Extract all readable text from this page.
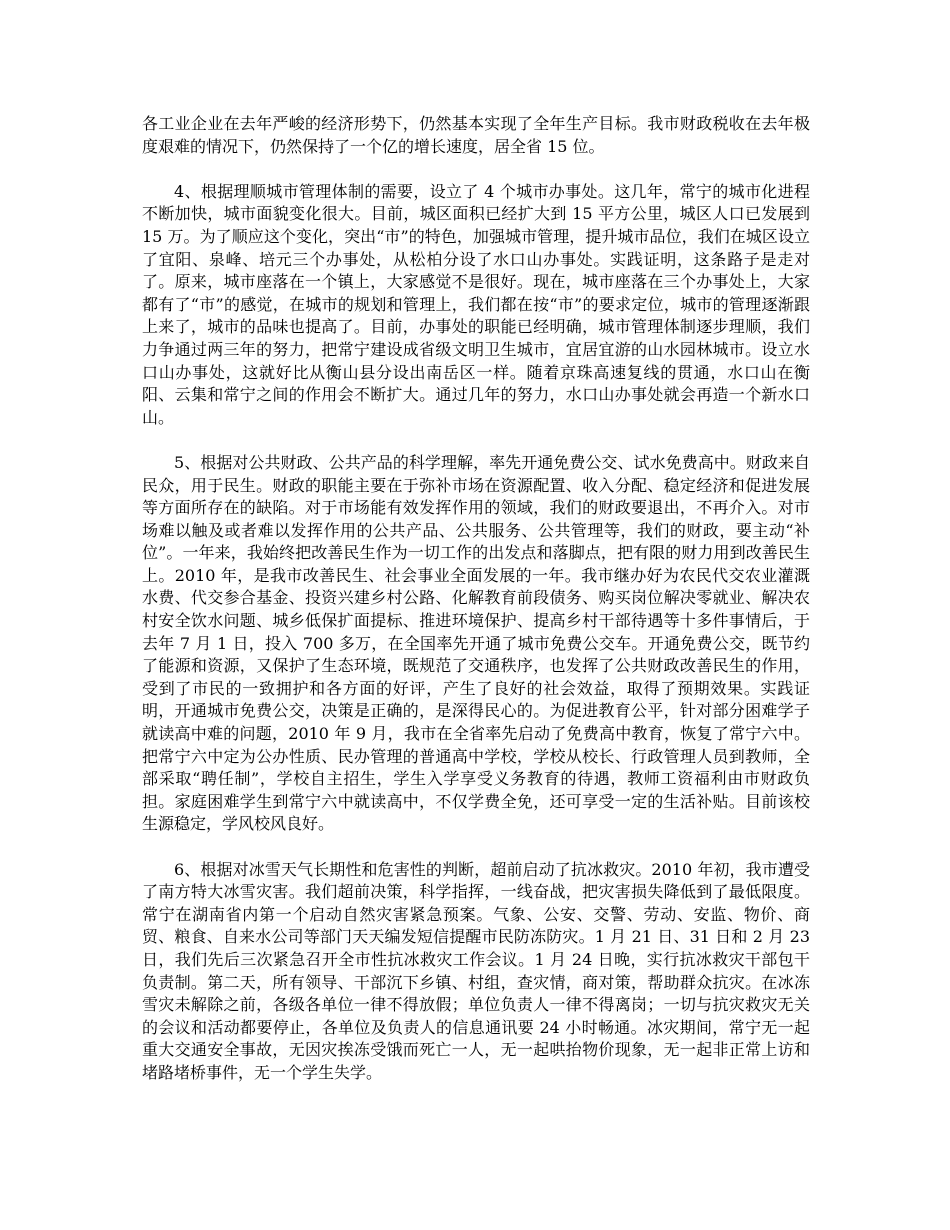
各工业企业在去年严峻的经济形势下，仍然基本实现了全年生产目标。我市财政税收在去年极度艰难的情况下，仍然保持了一个亿的增长速度，居全省 15 位。

4、根据理顺城市管理体制的需要，设立了 4 个城市办事处。这几年，常宁的城市化进程不断加快，城市面貌变化很大。目前，城区面积已经扩大到 15 平方公里，城区人口已发展到 15 万。为了顺应这个变化，突出“市”的特色，加强城市管理，提升城市品位，我们在城区设立了宜阳、泉峰、培元三个办事处，从松柏分设了水口山办事处。实践证明，这条路子是走对了。原来，城市座落在一个镇上，大家感觉不是很好。现在，城市座落在三个办事处上，大家都有了“市”的感觉，在城市的规划和管理上，我们都在按“市”的要求定位，城市的管理逐渐跟上来了，城市的品味也提高了。目前，办事处的职能已经明确，城市管理体制逐步理顺，我们力争通过两三年的努力，把常宁建设成省级文明卫生城市，宜居宜游的山水园林城市。设立水口山办事处，这就好比从衡山县分设出南岳区一样。随着京珠高速复线的贯通，水口山在衡阳、云集和常宁之间的作用会不断扩大。通过几年的努力，水口山办事处就会再造一个新水口山。

5、根据对公共财政、公共产品的科学理解，率先开通免费公交、试水免费高中。财政来自民众，用于民生。财政的职能主要在于弥补市场在资源配置、收入分配、稳定经济和促进发展等方面所存在的缺陷。对于市场能有效发挥作用的领域，我们的财政要退出，不再介入。对市场难以触及或者难以发挥作用的公共产品、公共服务、公共管理等，我们的财政，要主动“补位”。一年来，我始终把改善民生作为一切工作的出发点和落脚点，把有限的财力用到改善民生上。2010 年，是我市改善民生、社会事业全面发展的一年。我市继办好为农民代交农业灌溉水费、代交参合基金、投资兴建乡村公路、化解教育前段债务、购买岗位解决零就业、解决农村安全饮水问题、城乡低保扩面提标、推进环境保护、提高乡村干部待遇等十多件事情后，于去年 7 月 1 日，投入 700 多万，在全国率先开通了城市免费公交车。开通免费公交，既节约了能源和资源，又保护了生态环境，既规范了交通秩序，也发挥了公共财政改善民生的作用，受到了市民的一致拥护和各方面的好评，产生了良好的社会效益，取得了预期效果。实践证明，开通城市免费公交，决策是正确的，是深得民心的。为促进教育公平，针对部分困难学子就读高中难的问题，2010 年 9 月，我市在全省率先启动了免费高中教育，恢复了常宁六中。把常宁六中定为公办性质、民办管理的普通高中学校，学校从校长、行政管理人员到教师，全部采取“聘任制”，学校自主招生，学生入学享受义务教育的待遇，教师工资福利由市财政负担。家庭困难学生到常宁六中就读高中，不仅学费全免，还可享受一定的生活补贴。目前该校生源稳定，学风校风良好。

6、根据对冰雪天气长期性和危害性的判断，超前启动了抗冰救灾。2010 年初，我市遭受了南方特大冰雪灾害。我们超前决策，科学指挥，一线奋战，把灾害损失降低到了最低限度。常宁在湖南省内第一个启动自然灾害紧急预案。气象、公安、交警、劳动、安监、物价、商贸、粮食、自来水公司等部门天天编发短信提醒市民防冻防灾。1 月 21 日、31 日和 2 月 23 日，我们先后三次紧急召开全市性抗冰救灾工作会议。1 月 24 日晚，实行抗冰救灾干部包干负责制。第二天，所有领导、干部沉下乡镇、村组，查灾情，商对策，帮助群众抗灾。在冰冻雪灾未解除之前，各级各单位一律不得放假；单位负责人一律不得离岗；一切与抗灾救灾无关的会议和活动都要停止，各单位及负责人的信息通讯要 24 小时畅通。冰灾期间，常宁无一起重大交通安全事故，无因灾挨冻受饿而死亡一人，无一起哄抬物价现象，无一起非正常上访和堵路堵桥事件，无一个学生失学。
